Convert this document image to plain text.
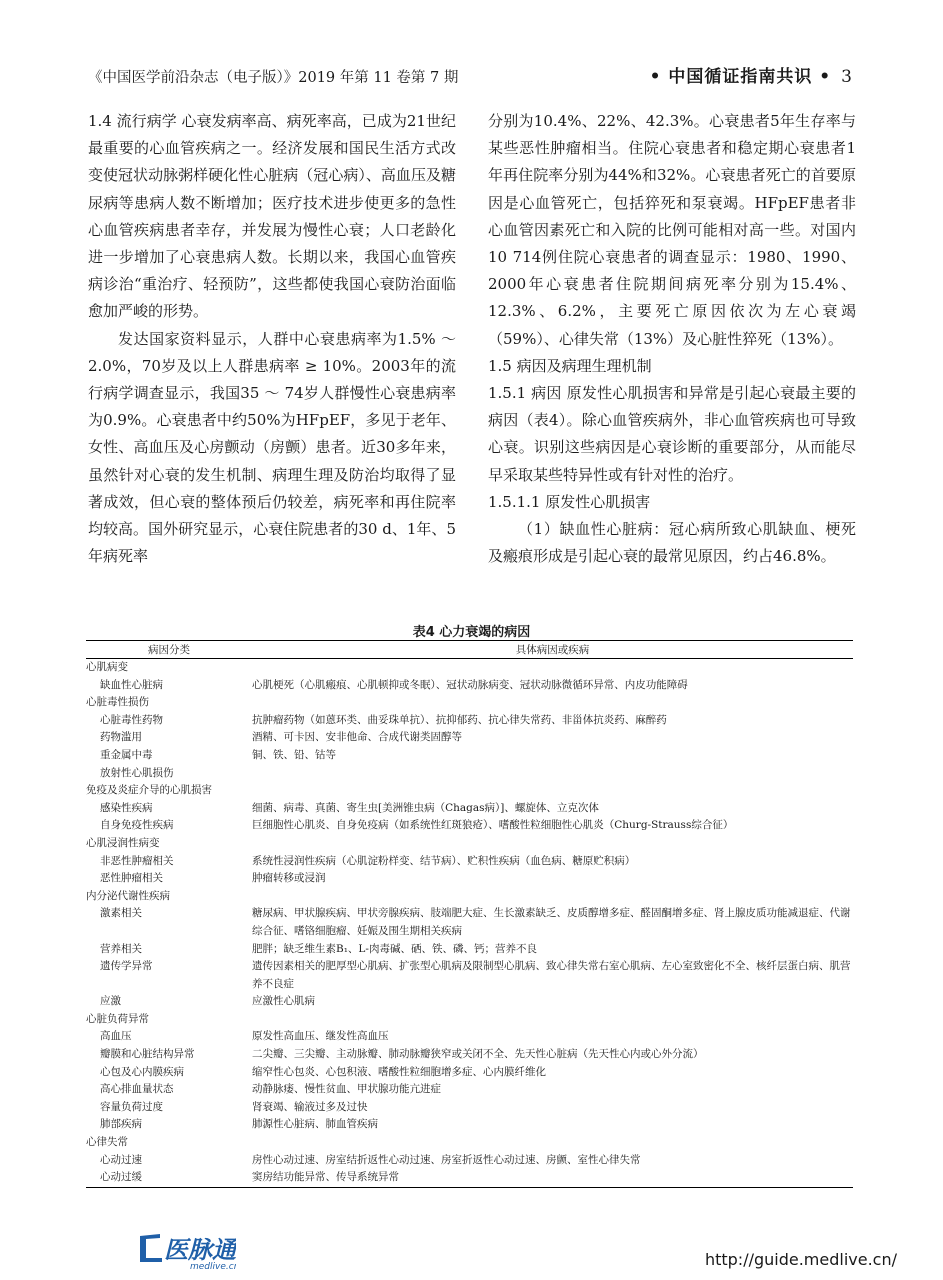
《中国医学前沿杂志（电子版）》2019 年第 11 卷第 7 期	• 中国循证指南共识 • 3

1.4 流行病学 心衰发病率高、病死率高，已成为21世纪最重要的心血管疾病之一。经济发展和国民生活方式改变使冠状动脉粥样硬化性心脏病（冠心病）、高血压及糖尿病等患病人数不断增加；医疗技术进步使更多的急性心血管疾病患者幸存，并发展为慢性心衰；人口老龄化进一步增加了心衰患病人数。长期以来，我国心血管疾病诊治“重治疗、轻预防”，这些都使我国心衰防治面临愈加严峻的形势。

发达国家资料显示，人群中心衰患病率为1.5% ～ 2.0%，70岁及以上人群患病率 ≥ 10%。2003年的流行病学调查显示，我国35 ～ 74岁人群慢性心衰患病率为0.9%。心衰患者中约50%为HFpEF，多见于老年、女性、高血压及心房颤动（房颤）患者。近30多年来，虽然针对心衰的发生机制、病理生理及防治均取得了显著成效，但心衰的整体预后仍较差，病死率和再住院率均较高。国外研究显示，心衰住院患者的30 d、1年、5年病死率

分别为10.4%、22%、42.3%。心衰患者5年生存率与某些恶性肿瘤相当。住院心衰患者和稳定期心衰患者1年再住院率分别为44%和32%。心衰患者死亡的首要原因是心血管死亡，包括猝死和泵衰竭。HFpEF患者非心血管因素死亡和入院的比例可能相对高一些。对国内10 714例住院心衰患者的调查显示：1980、1990、2000年心衰患者住院期间病死率分别为15.4%、12.3%、6.2%，主要死亡原因依次为左心衰竭（59%）、心律失常（13%）及心脏性猝死（13%）。

1.5 病因及病理生理机制

1.5.1 病因 原发性心肌损害和异常是引起心衰最主要的病因（表4）。除心血管疾病外，非心血管疾病也可导致心衰。识别这些病因是心衰诊断的重要部分，从而能尽早采取某些特异性或有针对性的治疗。

1.5.1.1 原发性心肌损害

（1）缺血性心脏病：冠心病所致心肌缺血、梗死及瘢痕形成是引起心衰的最常见原因，约占46.8%。

表4 心力衰竭的病因
病因分类	具体病因或疾病
心肌病变	
缺血性心脏病	心肌梗死（心肌瘢痕、心肌顿抑或冬眠）、冠状动脉病变、冠状动脉微循环异常、内皮功能障碍
心脏毒性损伤	
心脏毒性药物	抗肿瘤药物（如蒽环类、曲妥珠单抗）、抗抑郁药、抗心律失常药、非甾体抗炎药、麻醉药
药物滥用	酒精、可卡因、安非他命、合成代谢类固醇等
重金属中毒	铜、铁、铅、钴等
放射性心肌损伤	
免疫及炎症介导的心肌损害	
感染性疾病	细菌、病毒、真菌、寄生虫[美洲锥虫病（Chagas病）]、螺旋体、立克次体
自身免疫性疾病	巨细胞性心肌炎、自身免疫病（如系统性红斑狼疮）、嗜酸性粒细胞性心肌炎（Churg-Strauss综合征）
心肌浸润性病变	
非恶性肿瘤相关	系统性浸润性疾病（心肌淀粉样变、结节病）、贮积性疾病（血色病、糖原贮积病）
恶性肿瘤相关	肿瘤转移或浸润
内分泌代谢性疾病	
激素相关	糖尿病、甲状腺疾病、甲状旁腺疾病、肢端肥大症、生长激素缺乏、皮质醇增多症、醛固酮增多症、肾上腺皮质功能减退症、代谢综合征、嗜铬细胞瘤、妊娠及围生期相关疾病
营养相关	肥胖；缺乏维生素B₁、L-肉毒碱、硒、铁、磷、钙；营养不良
遗传学异常	遗传因素相关的肥厚型心肌病、扩张型心肌病及限制型心肌病、致心律失常右室心肌病、左心室致密化不全、核纤层蛋白病、肌营养不良症
应激	应激性心肌病
心脏负荷异常	
高血压	原发性高血压、继发性高血压
瓣膜和心脏结构异常	二尖瓣、三尖瓣、主动脉瓣、肺动脉瓣狭窄或关闭不全、先天性心脏病（先天性心内或心外分流）
心包及心内膜疾病	缩窄性心包炎、心包积液、嗜酸性粒细胞增多症、心内膜纤维化
高心排血量状态	动静脉瘘、慢性贫血、甲状腺功能亢进症
容量负荷过度	肾衰竭、输液过多及过快
肺部疾病	肺源性心脏病、肺血管疾病
心律失常	
心动过速	房性心动过速、房室结折返性心动过速、房室折返性心动过速、房颤、室性心律失常
心动过缓	窦房结功能异常、传导系统异常
医脉通
medlive.cn	http://guide.medlive.cn/
